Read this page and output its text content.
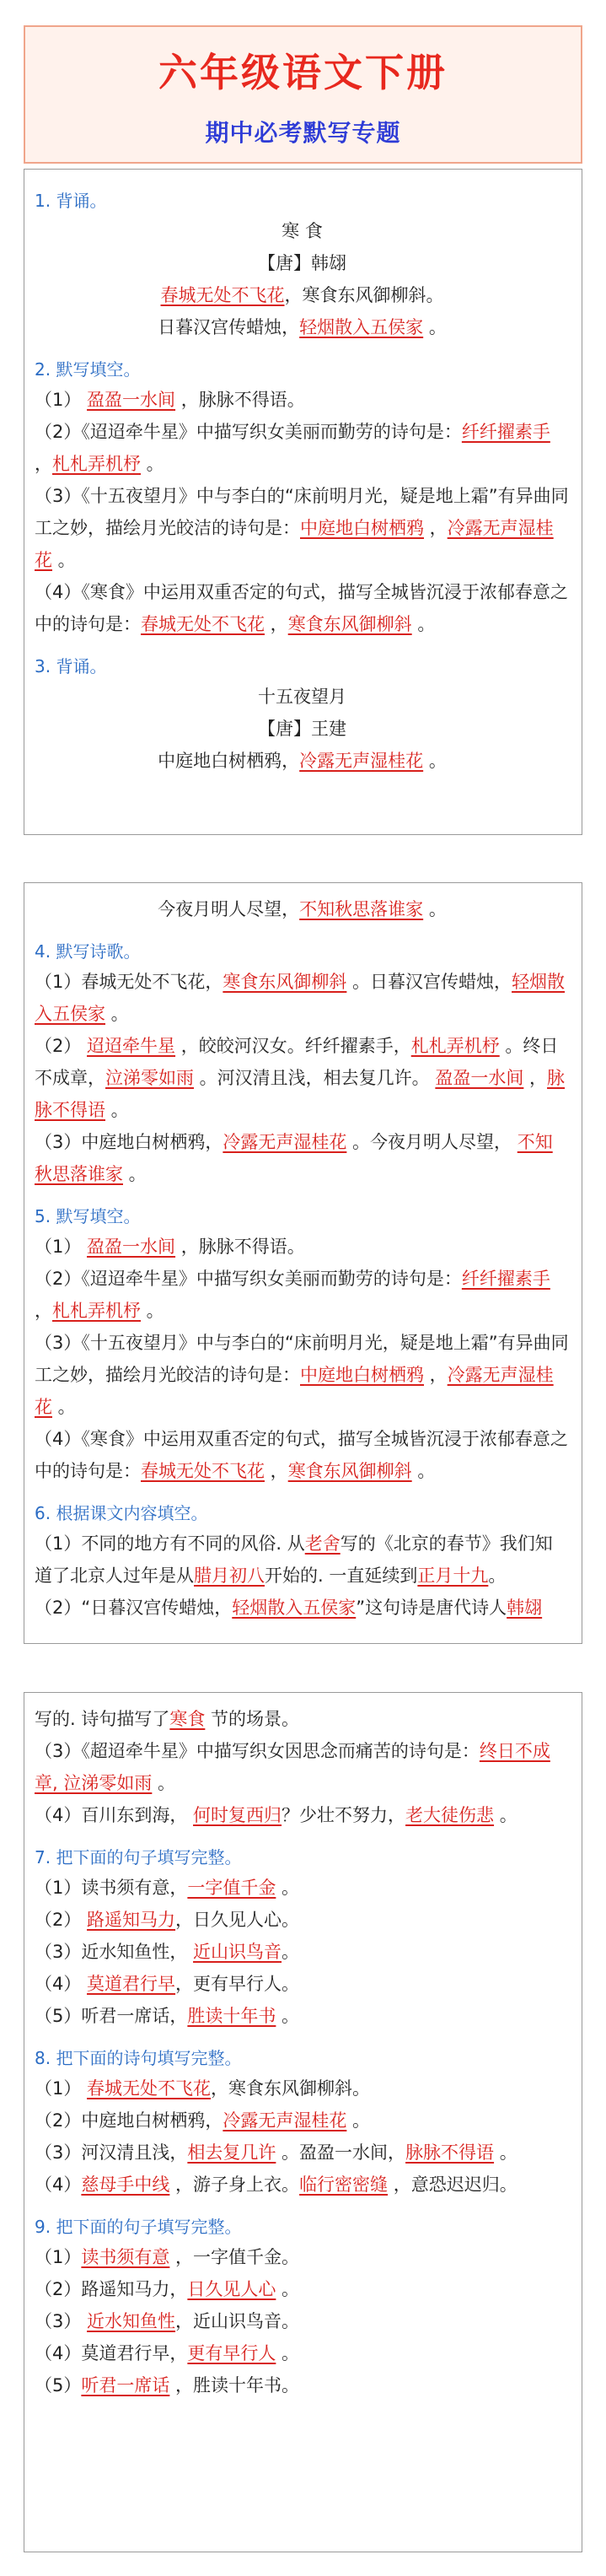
六年级语文下册
期中必考默写专题
1. 背诵。
寒 食
【唐】韩翃
春城无处不飞花，寒食东风御柳斜。
日暮汉宫传蜡烛，轻烟散入五侯家 。
2. 默写填空。
（1） 盈盈一水间 ，脉脉不得语。
（2）《迢迢牵牛星》中描写织女美丽而勤劳的诗句是：纤纤擢素手 ，札札弄机杼 。
（3）《十五夜望月》中与李白的“床前明月光，疑是地上霜”有异曲同工之妙，描绘月光皎洁的诗句是：中庭地白树栖鸦 ，冷露无声湿桂花 。
（4）《寒食》中运用双重否定的句式，描写全城皆沉浸于浓郁春意之中的诗句是：春城无处不飞花 ，寒食东风御柳斜 。
3. 背诵。
十五夜望月
【唐】王建
中庭地白树栖鸦，冷露无声湿桂花 。
今夜月明人尽望，不知秋思落谁家 。
4. 默写诗歌。
（1）春城无处不飞花，寒食东风御柳斜 。日暮汉宫传蜡烛，轻烟散入五侯家 。
（2） 迢迢牵牛星 ，皎皎河汉女。纤纤擢素手，札札弄机杼 。终日不成章，泣涕零如雨 。河汉清且浅，相去复几许。 盈盈一水间 ，脉脉不得语 。
（3）中庭地白树栖鸦，冷露无声湿桂花 。今夜月明人尽望， 不知秋思落谁家 。
5. 默写填空。
（1） 盈盈一水间 ，脉脉不得语。
（2）《迢迢牵牛星》中描写织女美丽而勤劳的诗句是：纤纤擢素手 ，札札弄机杼 。
（3）《十五夜望月》中与李白的“床前明月光，疑是地上霜”有异曲同工之妙，描绘月光皎洁的诗句是：中庭地白树栖鸦 ，冷露无声湿桂花 。
（4）《寒食》中运用双重否定的句式，描写全城皆沉浸于浓郁春意之中的诗句是：春城无处不飞花 ，寒食东风御柳斜 。
6. 根据课文内容填空。
（1）不同的地方有不同的风俗. 从老舍写的《北京的春节》我们知道了北京人过年是从腊月初八开始的. 一直延续到正月十九。
（2）“日暮汉宫传蜡烛，轻烟散入五侯家”这句诗是唐代诗人韩翃
写的. 诗句描写了寒食 节的场景。
（3）《超迢牵牛星》中描写织女因思念而痛苦的诗句是：终日不成章, 泣涕零如雨 。
（4）百川东到海， 何时复西归？少壮不努力，老大徒伤悲 。
7. 把下面的句子填写完整。
（1）读书须有意，一字值千金 。
（2） 路遥知马力，日久见人心。
（3）近水知鱼性， 近山识鸟音。
（4） 莫道君行早，更有早行人。
（5）听君一席话，胜读十年书 。
8. 把下面的诗句填写完整。
（1） 春城无处不飞花，寒食东风御柳斜。
（2）中庭地白树栖鸦，冷露无声湿桂花 。
（3）河汉清且浅，相去复几许 。盈盈一水间，脉脉不得语 。
（4）慈母手中线 ，游子身上衣。临行密密缝 ，意恐迟迟归。
9. 把下面的句子填写完整。
（1）读书须有意 ，一字值千金。
（2）路遥知马力，日久见人心 。
（3） 近水知鱼性，近山识鸟音。
（4）莫道君行早，更有早行人 。
（5）听君一席话 ，胜读十年书。
